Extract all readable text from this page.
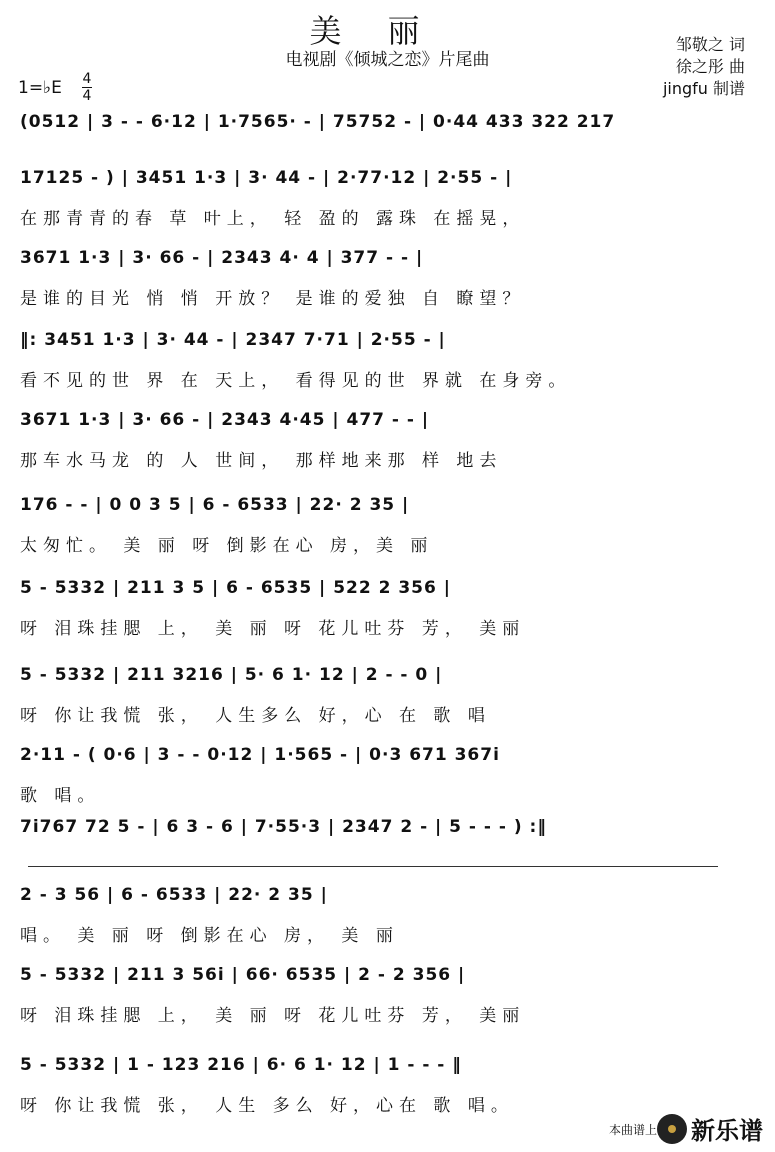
美丽
电视剧《倾城之恋》片尾曲
邹敬之 词
徐之彤 曲
jingfu 制谱
1=♭E 4
4
(0512 | 3 - - 6·12 | 1·7565· - | 75752 - | 0·44 433 322 217
17125 - ) | 3451 1·3 | 3· 44 - | 2·77·12 | 2·55 - |
在那青青的春 草 叶上， 轻 盈的 露珠 在摇晃，
3671 1·3 | 3· 66 - | 2343 4· 4 | 377 - - |
是谁的目光 悄 悄 开放？ 是谁的爱独 自 瞭望？
‖: 3451 1·3 | 3· 44 - | 2347 7·71 | 2·55 - |
看不见的世 界 在 天上， 看得见的世 界就 在身旁。
3671 1·3 | 3· 66 - | 2343 4·45 | 477 - - |
那车水马龙 的 人 世间， 那样地来那 样 地去
176 - - | 0 0 3 5 | 6 - 6533 | 22· 2 35 |
太匆忙。 美 丽 呀 倒影在心 房，美 丽
5 - 5332 | 211 3 5 | 6 - 6535 | 522 2 356 |
呀 泪珠挂腮 上， 美 丽 呀 花儿吐芬 芳， 美丽
5 - 5332 | 211 3216 | 5· 6 1· 12 | 2 - - 0 |
呀 你让我慌 张， 人生多么 好，心 在 歌 唱
2·11 - ( 0·6 | 3 - - 0·12 | 1·565 - | 0·3 671 367i
歌 唱。
7i767 72 5 - | 6 3 - 6 | 7·55·3 | 2347 2 - | 5 - - - ) :‖
2 - 3 56 | 6 - 6533 | 22· 2 35 |
唱。 美 丽 呀 倒影在心 房， 美 丽
5 - 5332 | 211 3 56i | 66· 6535 | 2 - 2 356 |
呀 泪珠挂腮 上， 美 丽 呀 花儿吐芬 芳， 美丽
5 - 5332 | 1 - 123 216 | 6· 6 1· 12 | 1 - - - ‖
呀 你让我慌 张， 人生 多么 好，心在 歌 唱。
本曲谱上 新乐谱
